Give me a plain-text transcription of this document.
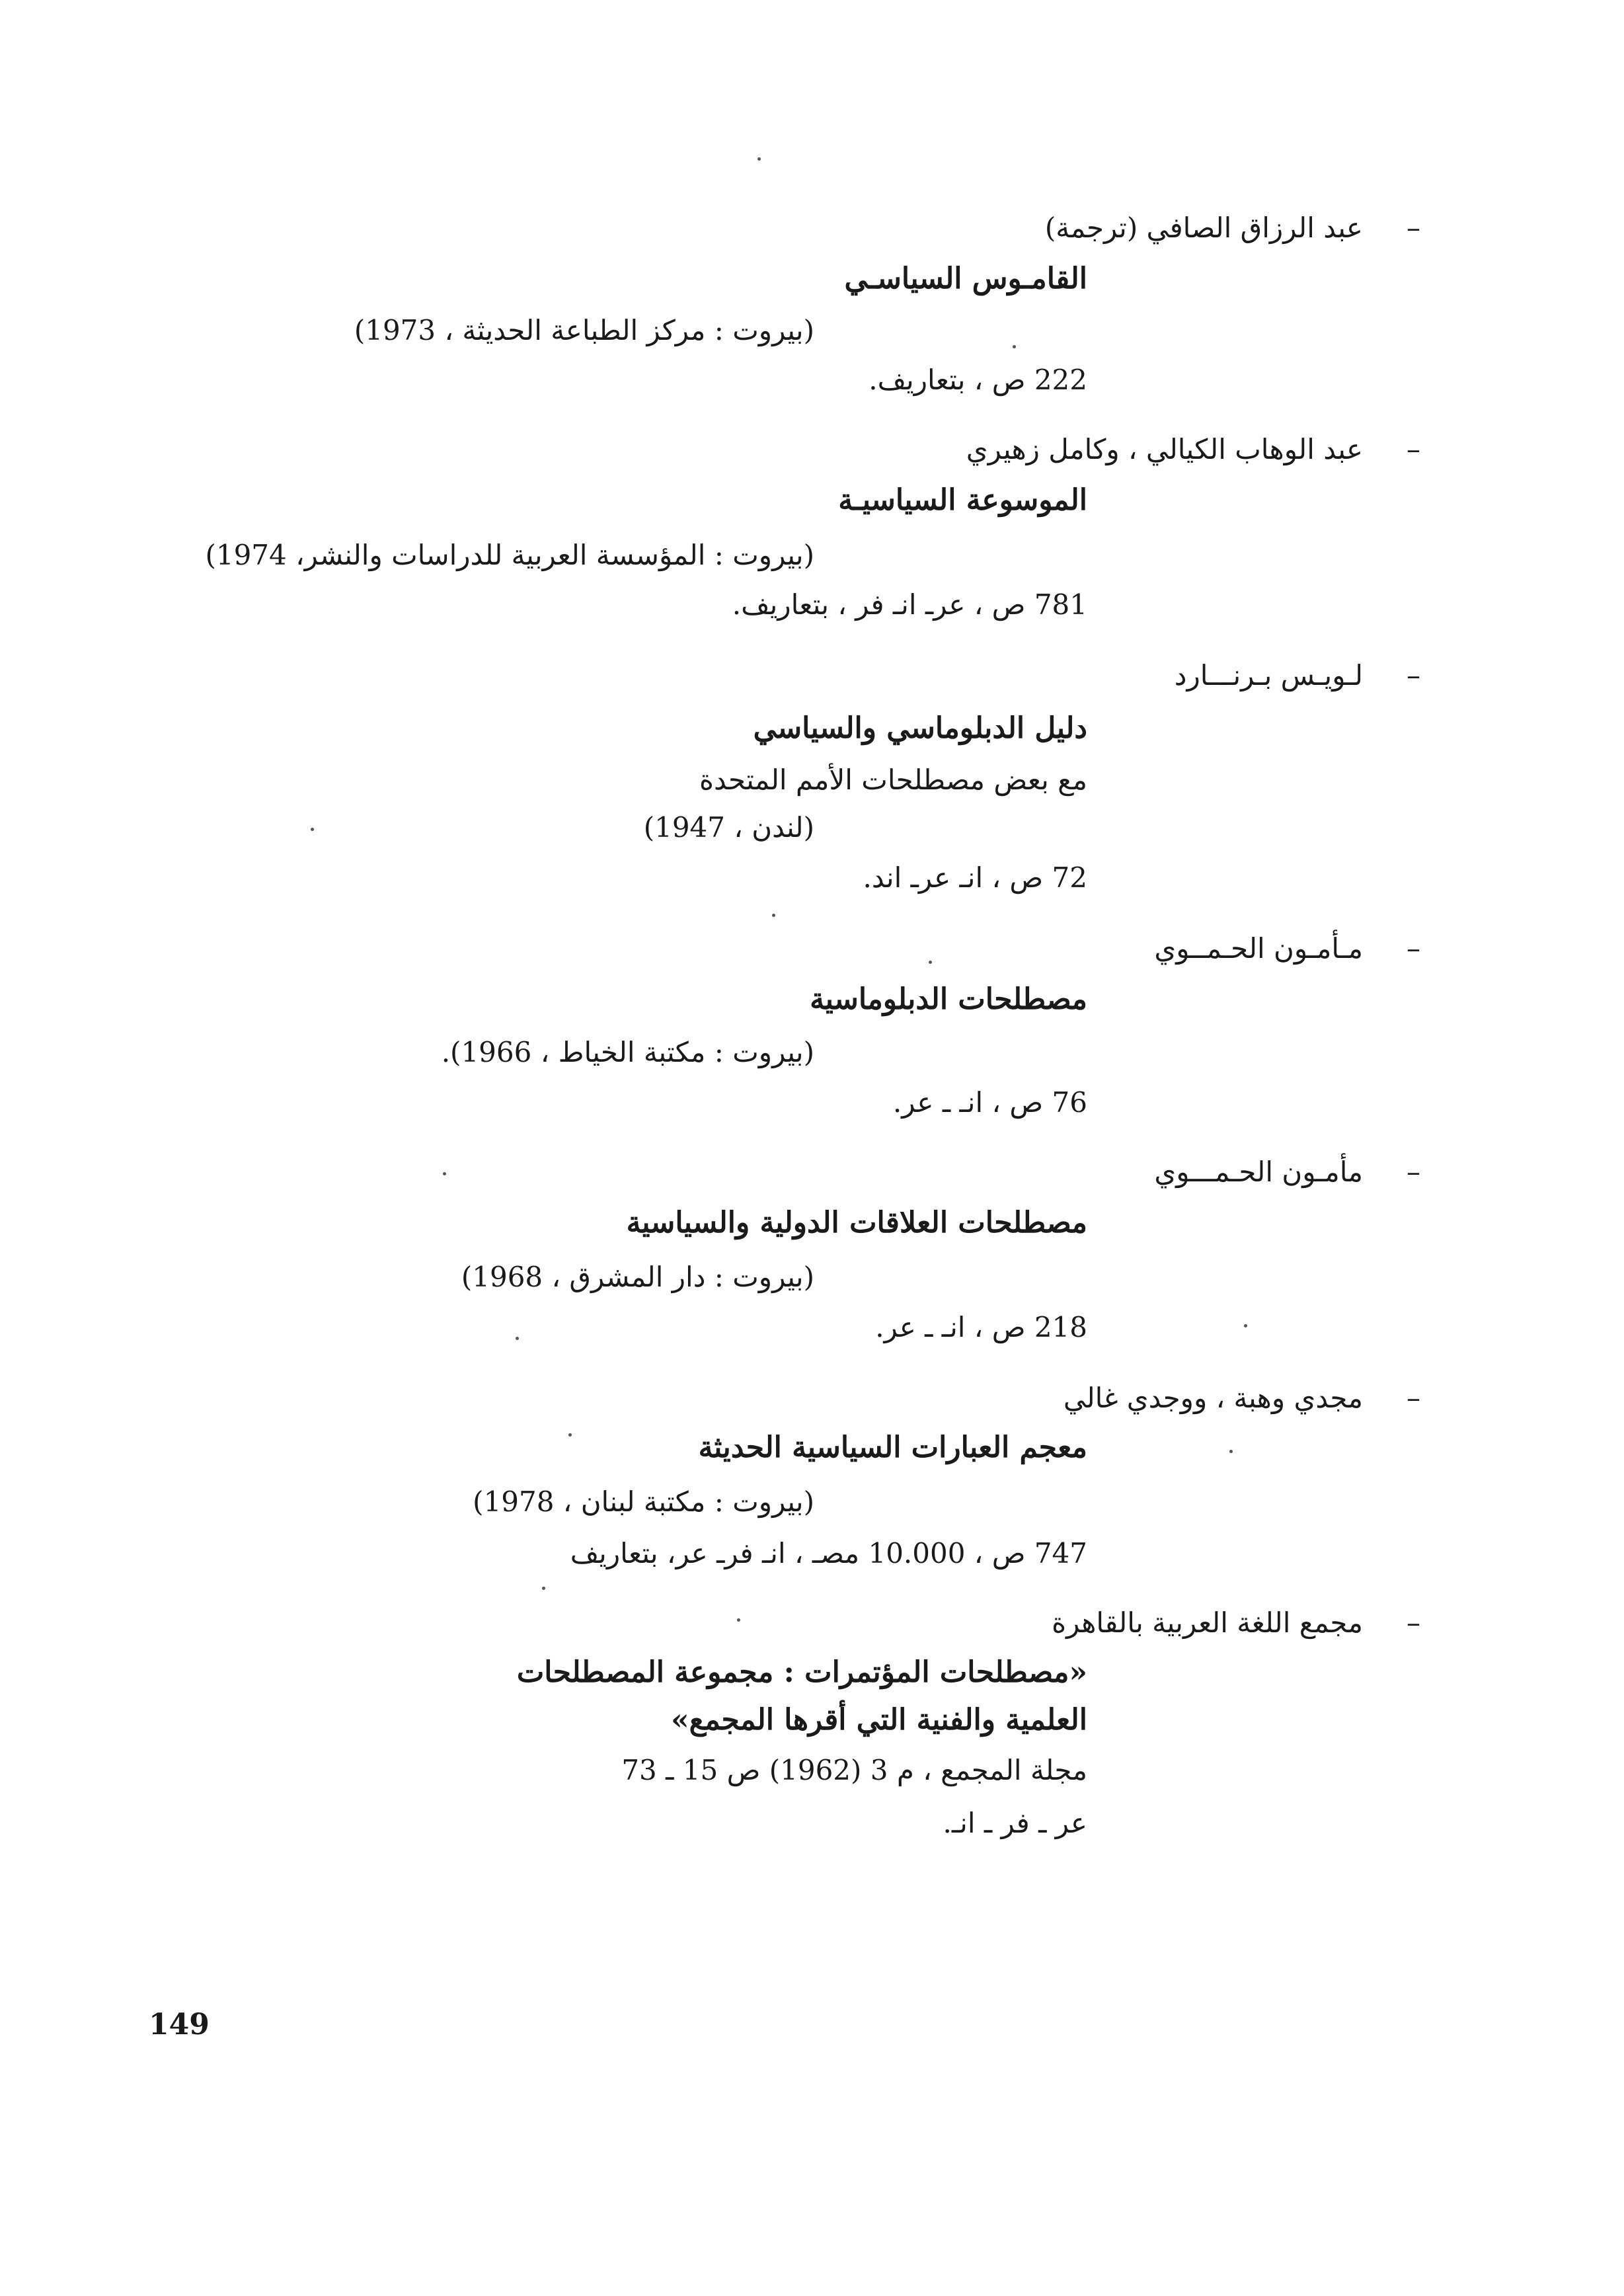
–

عبد الرزاق الصافي (ترجمة)

القامـوس السياسـي

(بيروت : مركز الطباعة الحديثة ، 1973)

222 ص ، بتعاريف.

–

عبد الوهاب الكيالي ، وكامل زهيري

الموسوعة السياسيـة

(بيروت : المؤسسة العربية للدراسات والنشر، 1974)

781 ص ، عرـ انـ فر ، بتعاريف.

–

لـويـس بـرنـــارد

دليل الدبلوماسي والسياسي

مع بعض مصطلحات الأمم المتحدة

(لندن ، 1947)

72 ص ، انـ عرـ اند.

–

مـأمـون الحـمــوي

مصطلحات الدبلوماسية

(بيروت : مكتبة الخياط ، 1966).

76 ص ، انـ ـ عر.

–

مأمـون الحـمـــوي

مصطلحات العلاقات الدولية والسياسية

(بيروت : دار المشرق ، 1968)

218 ص ، انـ ـ عر.

–

مجدي وهبة ، ووجدي غالي

معجم العبارات السياسية الحديثة

(بيروت : مكتبة لبنان ، 1978)

747 ص ، 10.000 مصـ ، انـ فرـ عر، بتعاريف

–

مجمع اللغة العربية بالقاهرة

«مصطلحات المؤتمرات : مجموعة المصطلحات

العلمية والفنية التي أقرها المجمع»

مجلة المجمع ، م 3 (1962) ص 15 ـ 73

عر ـ فر ـ انـ.

149
